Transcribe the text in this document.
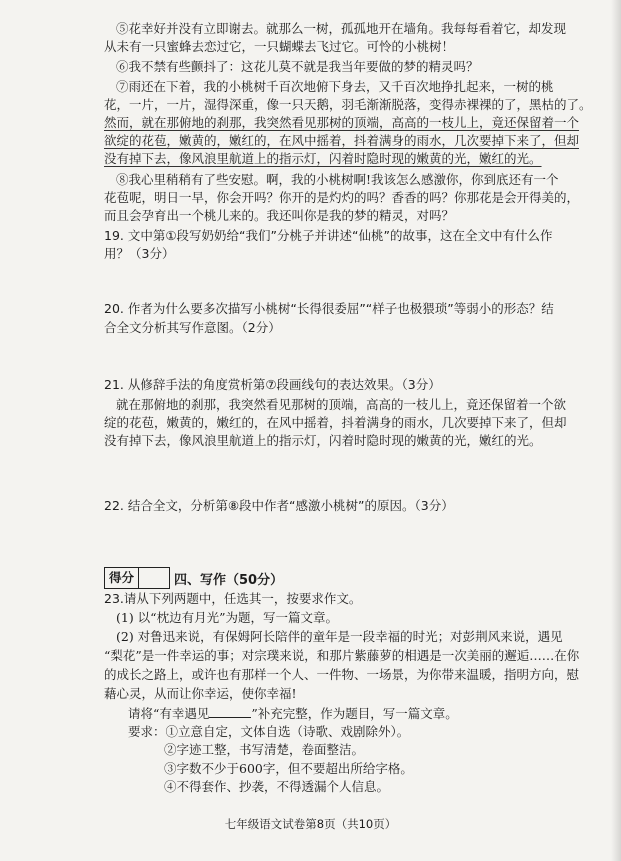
⑤花幸好并没有立即谢去。就那么一树，孤孤地开在墙角。我每每看着它，却发现
从未有一只蜜蜂去恋过它，一只蝴蝶去飞过它。可怜的小桃树！
⑥我不禁有些颤抖了：这花儿莫不就是我当年要做的梦的精灵吗？
⑦雨还在下着，我的小桃树千百次地俯下身去，又千百次地挣扎起来，一树的桃
花，一片，一片，湿得深重，像一只天鹅，羽毛渐渐脱落，变得赤裸裸的了，黑枯的了。
然而，就在那俯地的刹那，我突然看见那树的顶端，高高的一枝儿上，竟还保留着一个
欲绽的花苞，嫩黄的，嫩红的，在风中摇着，抖着满身的雨水，几次要掉下来了，但却
没有掉下去，像风浪里航道上的指示灯，闪着时隐时现的嫩黄的光，嫩红的光。
⑧我心里稍稍有了些安慰。啊，我的小桃树啊!我该怎么感激你，你到底还有一个
花苞呢，明日一早，你会开吗？你开的是灼灼的吗？香香的吗？你那花是会开得美的，
而且会孕育出一个桃儿来的。我还叫你是我的梦的精灵，对吗？
19. 文中第①段写奶奶给“我们”分桃子并讲述“仙桃”的故事，这在全文中有什么作
用？（3分）
20. 作者为什么要多次描写小桃树“长得很委屈”“样子也极猥琐”等弱小的形态？结
合全文分析其写作意图。（2分）
21. 从修辞手法的角度赏析第⑦段画线句的表达效果。（3分）
就在那俯地的刹那，我突然看见那树的顶端，高高的一枝儿上，竟还保留着一个欲
绽的花苞，嫩黄的，嫩红的，在风中摇着，抖着满身的雨水，几次要掉下来了，但却
没有掉下去，像风浪里航道上的指示灯，闪着时隐时现的嫩黄的光，嫩红的光。
22. 结合全文，分析第⑧段中作者“感激小桃树”的原因。（3分）
得分	四、写作（50分）
23.请从下列两题中，任选其一，按要求作文。
(1) 以“枕边有月光”为题，写一篇文章。
(2) 对鲁迅来说，有保姆阿长陪伴的童年是一段幸福的时光；对彭荆风来说，遇见
“梨花”是一件幸运的事；对宗璞来说，和那片紫藤萝的相遇是一次美丽的邂逅……在你
的成长之路上，或许也有那样一个人、一件物、一场景，为你带来温暖，指明方向，慰
藉心灵，从而让你幸运，使你幸福!
请将“有幸遇见	”补充完整，作为题目，写一篇文章。
要求：①立意自定，文体自选（诗歌、戏剧除外）。
②字迹工整，书写清楚，卷面整洁。
③字数不少于600字，但不要超出所给字格。
④不得套作、抄袭，不得透漏个人信息。
七年级语文试卷第8页（共10页）
